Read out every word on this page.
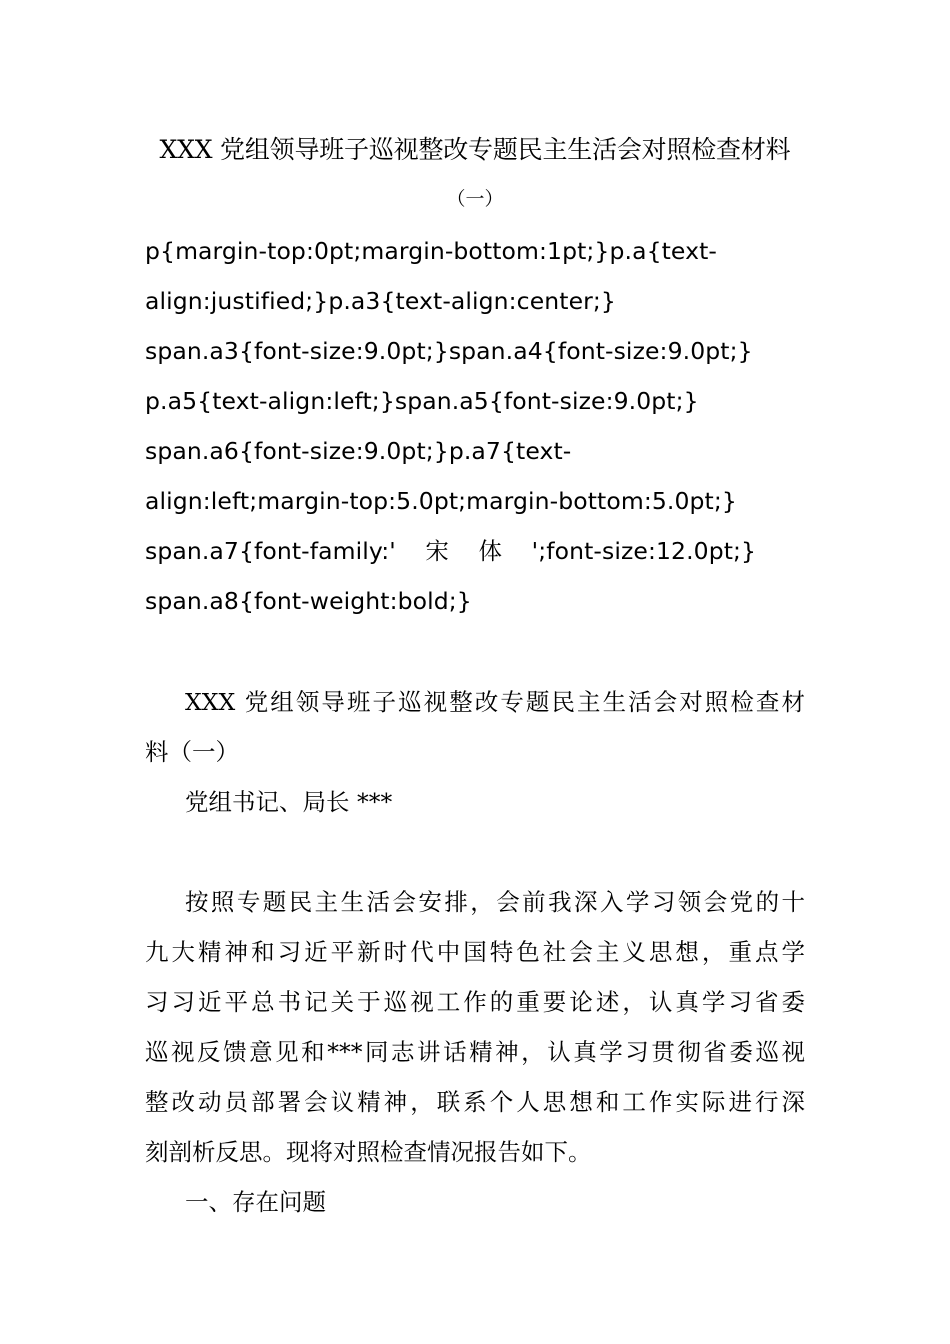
XXX 党组领导班子巡视整改专题民主生活会对照检查材料
（一）
p{margin-top:0pt;margin-bottom:1pt;}p.a{text-
align:justified;}p.a3{text-align:center;}
span.a3{font-size:9.0pt;}span.a4{font-size:9.0pt;}
p.a5{text-align:left;}span.a5{font-size:9.0pt;}
span.a6{font-size:9.0pt;}p.a7{text-
align:left;margin-top:5.0pt;margin-bottom:5.0pt;}
span.a7{font-family:' 宋 体 ';font-size:12.0pt;}
span.a8{font-weight:bold;}
XXX 党组领导班子巡视整改专题民主生活会对照检查材
料（一）
党组书记、局长 ***
按照专题民主生活会安排，会前我深入学习领会党的十
九大精神和习近平新时代中国特色社会主义思想，重点学
习习近平总书记关于巡视工作的重要论述，认真学习省委
巡视反馈意见和***同志讲话精神，认真学习贯彻省委巡视
整改动员部署会议精神，联系个人思想和工作实际进行深
刻剖析反思。现将对照检查情况报告如下。
一、存在问题
